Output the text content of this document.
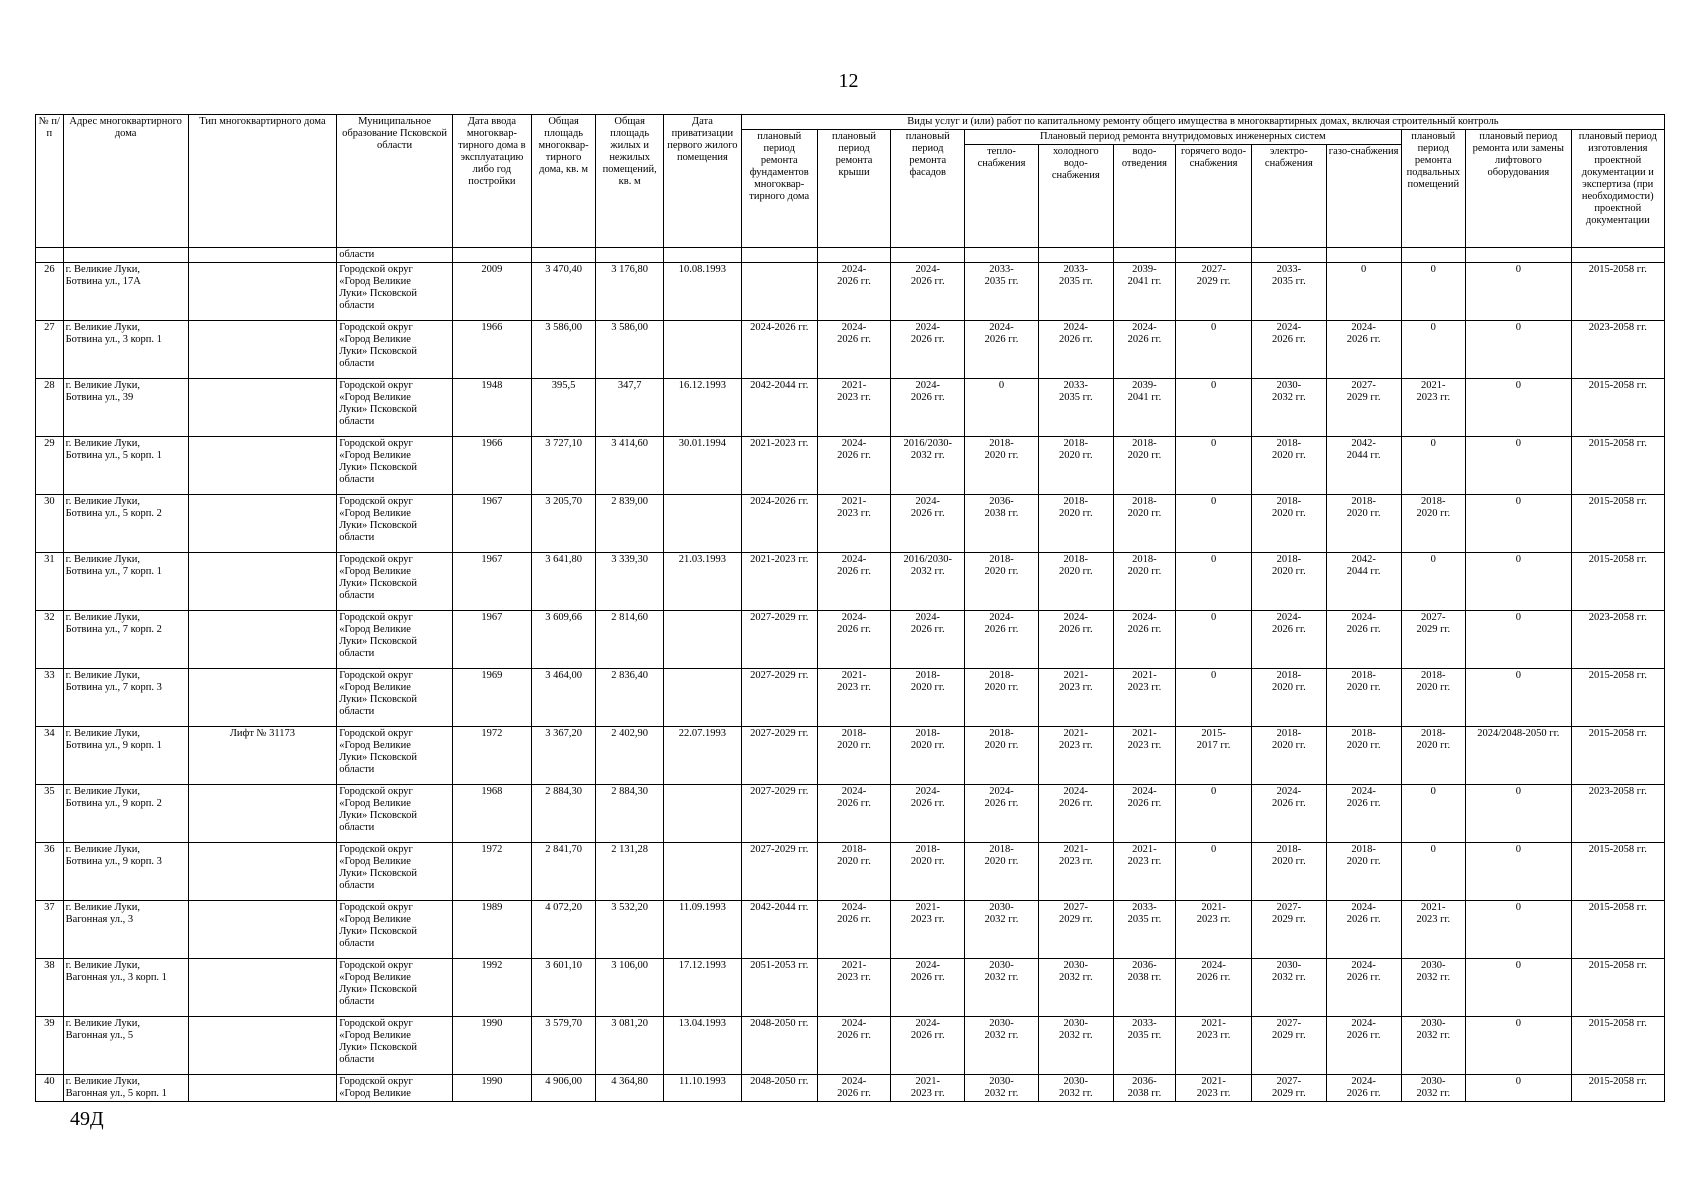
12
№ п/п	Адрес многоквартирного дома	Тип многоквартирного дома	Муниципальное образование Псковской области	Дата ввода многоквар-тирного дома в эксплуатацию либо год постройки	Общая площадь многоквар-тирного дома, кв. м	Общая площадь жилых и нежилых помещений, кв. м	Дата приватизации первого жилого помещения	Виды услуг и (или) работ по капитальному ремонту общего имущества в многоквартирных домах, включая строительный контроль											
								плановый период ремонта фундаментов многоквар-тирного дома	плановый период ремонта крыши	плановый период ремонта фасадов	Плановый период ремонта внутридомовых инженерных систем						плановый период ремонта подвальных помещений	плановый период ремонта или замены лифтового оборудования	плановый период изготовления проектной документации и экспертиза (при необходимости) проектной документации
											тепло-снабжения	холодного водо-снабжения	водо-отведения	горячего водо-снабжения	электро-снабжения	газо-снабжения			
			области																
26	г. Великие Луки,
Ботвина ул., 17А		Городской округ
«Город Великие
Луки» Псковской
области	2009	3 470,40	3 176,80	10.08.1993		2024-
2026 гг.	2024-
2026 гг.	2033-
2035 гг.	2033-
2035 гг.	2039-
2041 гг.	2027-
2029 гг.	2033-
2035 гг.	0	0	0	2015-2058 гг.
27	г. Великие Луки,
Ботвина ул., 3 корп. 1		Городской округ
«Город Великие
Луки» Псковской
области	1966	3 586,00	3 586,00		2024-2026 гг.	2024-
2026 гг.	2024-
2026 гг.	2024-
2026 гг.	2024-
2026 гг.	2024-
2026 гг.	0	2024-
2026 гг.	2024-
2026 гг.	0	0	2023-2058 гг.
28	г. Великие Луки,
Ботвина ул., 39		Городской округ
«Город Великие
Луки» Псковской
области	1948	395,5	347,7	16.12.1993	2042-2044 гг.	2021-
2023 гг.	2024-
2026 гг.	0	2033-
2035 гг.	2039-
2041 гг.	0	2030-
2032 гг.	2027-
2029 гг.	2021-
2023 гг.	0	2015-2058 гг.
29	г. Великие Луки,
Ботвина ул., 5 корп. 1		Городской округ
«Город Великие
Луки» Псковской
области	1966	3 727,10	3 414,60	30.01.1994	2021-2023 гг.	2024-
2026 гг.	2016/2030-
2032 гг.	2018-
2020 гг.	2018-
2020 гг.	2018-
2020 гг.	0	2018-
2020 гг.	2042-
2044 гг.	0	0	2015-2058 гг.
30	г. Великие Луки,
Ботвина ул., 5 корп. 2		Городской округ
«Город Великие
Луки» Псковской
области	1967	3 205,70	2 839,00		2024-2026 гг.	2021-
2023 гг.	2024-
2026 гг.	2036-
2038 гг.	2018-
2020 гг.	2018-
2020 гг.	0	2018-
2020 гг.	2018-
2020 гг.	2018-
2020 гг.	0	2015-2058 гг.
31	г. Великие Луки,
Ботвина ул., 7 корп. 1		Городской округ
«Город Великие
Луки» Псковской
области	1967	3 641,80	3 339,30	21.03.1993	2021-2023 гг.	2024-
2026 гг.	2016/2030-
2032 гг.	2018-
2020 гг.	2018-
2020 гг.	2018-
2020 гг.	0	2018-
2020 гг.	2042-
2044 гг.	0	0	2015-2058 гг.
32	г. Великие Луки,
Ботвина ул., 7 корп. 2		Городской округ
«Город Великие
Луки» Псковской
области	1967	3 609,66	2 814,60		2027-2029 гг.	2024-
2026 гг.	2024-
2026 гг.	2024-
2026 гг.	2024-
2026 гг.	2024-
2026 гг.	0	2024-
2026 гг.	2024-
2026 гг.	2027-
2029 гг.	0	2023-2058 гг.
33	г. Великие Луки,
Ботвина ул., 7 корп. 3		Городской округ
«Город Великие
Луки» Псковской
области	1969	3 464,00	2 836,40		2027-2029 гг.	2021-
2023 гг.	2018-
2020 гг.	2018-
2020 гг.	2021-
2023 гг.	2021-
2023 гг.	0	2018-
2020 гг.	2018-
2020 гг.	2018-
2020 гг.	0	2015-2058 гг.
34	г. Великие Луки,
Ботвина ул., 9 корп. 1	Лифт № 31173	Городской округ
«Город Великие
Луки» Псковской
области	1972	3 367,20	2 402,90	22.07.1993	2027-2029 гг.	2018-
2020 гг.	2018-
2020 гг.	2018-
2020 гг.	2021-
2023 гг.	2021-
2023 гг.	2015-
2017 гг.	2018-
2020 гг.	2018-
2020 гг.	2018-
2020 гг.	2024/2048-2050 гг.	2015-2058 гг.
35	г. Великие Луки,
Ботвина ул., 9 корп. 2		Городской округ
«Город Великие
Луки» Псковской
области	1968	2 884,30	2 884,30		2027-2029 гг.	2024-
2026 гг.	2024-
2026 гг.	2024-
2026 гг.	2024-
2026 гг.	2024-
2026 гг.	0	2024-
2026 гг.	2024-
2026 гг.	0	0	2023-2058 гг.
36	г. Великие Луки,
Ботвина ул., 9 корп. 3		Городской округ
«Город Великие
Луки» Псковской
области	1972	2 841,70	2 131,28		2027-2029 гг.	2018-
2020 гг.	2018-
2020 гг.	2018-
2020 гг.	2021-
2023 гг.	2021-
2023 гг.	0	2018-
2020 гг.	2018-
2020 гг.	0	0	2015-2058 гг.
37	г. Великие Луки,
Вагонная ул., 3		Городской округ
«Город Великие
Луки» Псковской
области	1989	4 072,20	3 532,20	11.09.1993	2042-2044 гг.	2024-
2026 гг.	2021-
2023 гг.	2030-
2032 гг.	2027-
2029 гг.	2033-
2035 гг.	2021-
2023 гг.	2027-
2029 гг.	2024-
2026 гг.	2021-
2023 гг.	0	2015-2058 гг.
38	г. Великие Луки,
Вагонная ул., 3 корп. 1		Городской округ
«Город Великие
Луки» Псковской
области	1992	3 601,10	3 106,00	17.12.1993	2051-2053 гг.	2021-
2023 гг.	2024-
2026 гг.	2030-
2032 гг.	2030-
2032 гг.	2036-
2038 гг.	2024-
2026 гг.	2030-
2032 гг.	2024-
2026 гг.	2030-
2032 гг.	0	2015-2058 гг.
39	г. Великие Луки,
Вагонная ул., 5		Городской округ
«Город Великие
Луки» Псковской
области	1990	3 579,70	3 081,20	13.04.1993	2048-2050 гг.	2024-
2026 гг.	2024-
2026 гг.	2030-
2032 гг.	2030-
2032 гг.	2033-
2035 гг.	2021-
2023 гг.	2027-
2029 гг.	2024-
2026 гг.	2030-
2032 гг.	0	2015-2058 гг.
40	г. Великие Луки,
Вагонная ул., 5 корп. 1		Городской округ
«Город Великие	1990	4 906,00	4 364,80	11.10.1993	2048-2050 гг.	2024-
2026 гг.	2021-
2023 гг.	2030-
2032 гг.	2030-
2032 гг.	2036-
2038 гг.	2021-
2023 гг.	2027-
2029 гг.	2024-
2026 гг.	2030-
2032 гг.	0	2015-2058 гг.
49Д
